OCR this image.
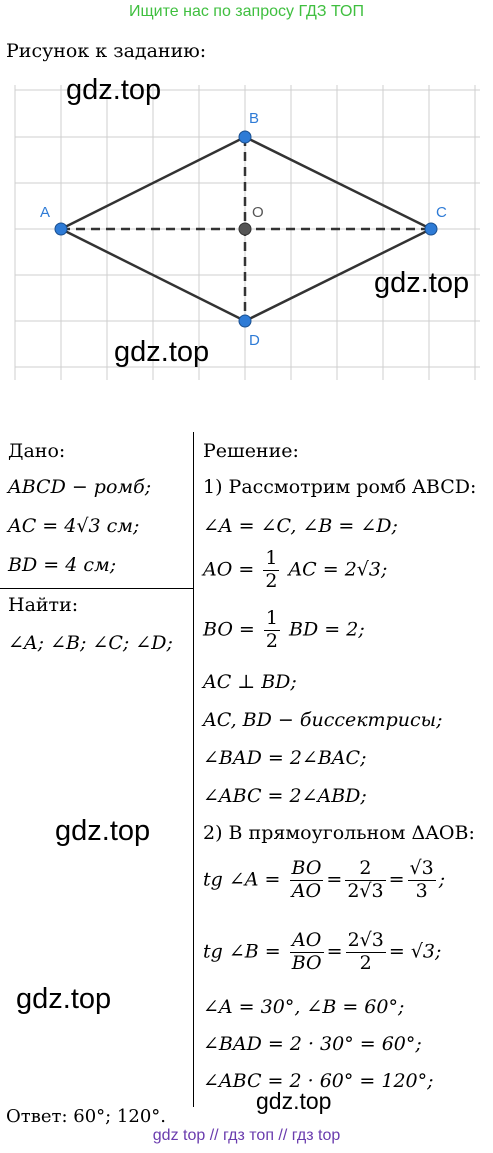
Ищите нас по запросу ГДЗ ТОП
Рисунок к заданию:
A
B
C
D
O
gdz.top
gdz.top
gdz.top
Дано:
ABCD − ромб;
AC = 4√3 см;
BD = 4 см;
Найти:
∠A; ∠B; ∠C; ∠D;
Решение:
1) Рассмотрим ромб ABCD:
∠A = ∠C, ∠B = ∠D;
AO = $\frac{1}{2}$ AC = 2√3;
BO = $\frac{1}{2}$ BD = 2;
AC ⊥ BD;
AC, BD − биссектрисы;
∠BAD = 2∠BAC;
∠ABC = 2∠ABD;
2) В прямоугольном ΔAOB:
tg ∠A = $\frac{BO}{AO} = \frac{2}{2√3} = \frac{√3}{3}$ ;
tg ∠B = $\frac{AO}{BO} = \frac{2√3}{2} = √3$;
∠A = 30°, ∠B = 60°;
∠BAD = 2 · 30° = 60°;
∠ABC = 2 · 60° = 120°;
gdz.top
gdz.top
gdz.top
Ответ: 60°; 120°.
gdz top // гдз топ // гдз top
